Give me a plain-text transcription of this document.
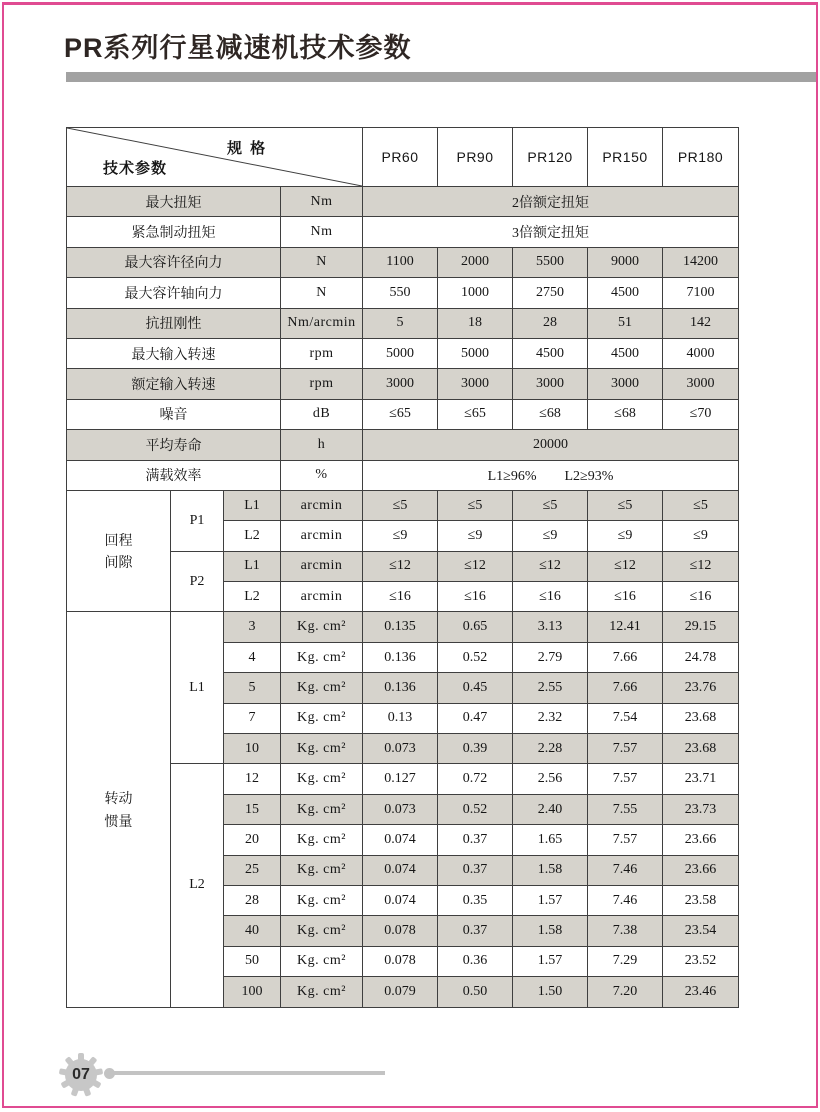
PR系列行星减速机技术参数
规 格
技术参数				PR60	PR90	PR120	PR150	PR180
最大扭矩			Nm	2倍额定扭矩				
紧急制动扭矩			Nm	3倍额定扭矩				
最大容许径向力			N	1100	2000	5500	9000	14200
最大容许轴向力			N	550	1000	2750	4500	7100
抗扭刚性			Nm/arcmin	5	18	28	51	142
最大输入转速			rpm	5000	5000	4500	4500	4000
额定输入转速			rpm	3000	3000	3000	3000	3000
噪音			dB	≤65	≤65	≤68	≤68	≤70
平均寿命			h	20000				
满载效率			%	L1≥96%　　L2≥93%				
回程
间隙	P1	L1	arcmin	≤5	≤5	≤5	≤5	≤5
		L2	arcmin	≤9	≤9	≤9	≤9	≤9
	P2	L1	arcmin	≤12	≤12	≤12	≤12	≤12
		L2	arcmin	≤16	≤16	≤16	≤16	≤16
转动
惯量	L1	3	Kg. cm²	0.135	0.65	3.13	12.41	29.15
		4	Kg. cm²	0.136	0.52	2.79	7.66	24.78
		5	Kg. cm²	0.136	0.45	2.55	7.66	23.76
		7	Kg. cm²	0.13	0.47	2.32	7.54	23.68
		10	Kg. cm²	0.073	0.39	2.28	7.57	23.68
	L2	12	Kg. cm²	0.127	0.72	2.56	7.57	23.71
		15	Kg. cm²	0.073	0.52	2.40	7.55	23.73
		20	Kg. cm²	0.074	0.37	1.65	7.57	23.66
		25	Kg. cm²	0.074	0.37	1.58	7.46	23.66
		28	Kg. cm²	0.074	0.35	1.57	7.46	23.58
		40	Kg. cm²	0.078	0.37	1.58	7.38	23.54
		50	Kg. cm²	0.078	0.36	1.57	7.29	23.52
		100	Kg. cm²	0.079	0.50	1.50	7.20	23.46
07
